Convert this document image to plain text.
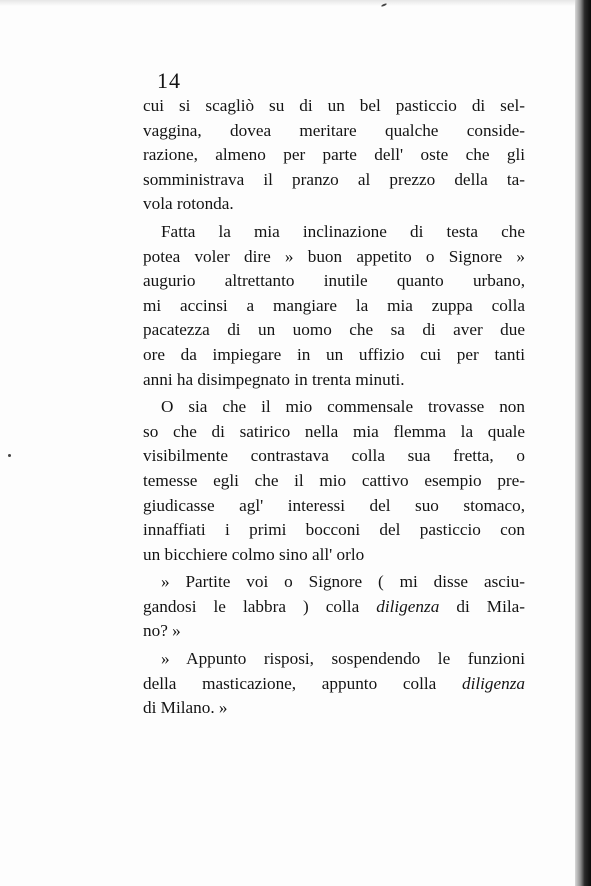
14
cui si scagliò su di un bel pasticcio di sel-
vaggina, dovea meritare qualche conside-
razione, almeno per parte dell' oste che gli
somministrava il pranzo al prezzo della ta-
vola rotonda.
Fatta la mia inclinazione di testa che
potea voler dire » buon appetito o Signore »
augurio altrettanto inutile quanto urbano,
mi accinsi a mangiare la mia zuppa colla
pacatezza di un uomo che sa di aver due
ore da impiegare in un uffizio cui per tanti
anni ha disimpegnato in trenta minuti.
O sia che il mio commensale trovasse non
so che di satirico nella mia flemma la quale
visibilmente contrastava colla sua fretta, o
temesse egli che il mio cattivo esempio pre-
giudicasse agl' interessi del suo stomaco,
innaffiati i primi bocconi del pasticcio con
un bicchiere colmo sino all' orlo
» Partite voi o Signore ( mi disse asciu-
gandosi le labbra ) colla diligenza di Mila-
no? »
» Appunto risposi, sospendendo le funzioni
della masticazione, appunto colla diligenza
di Milano. »
